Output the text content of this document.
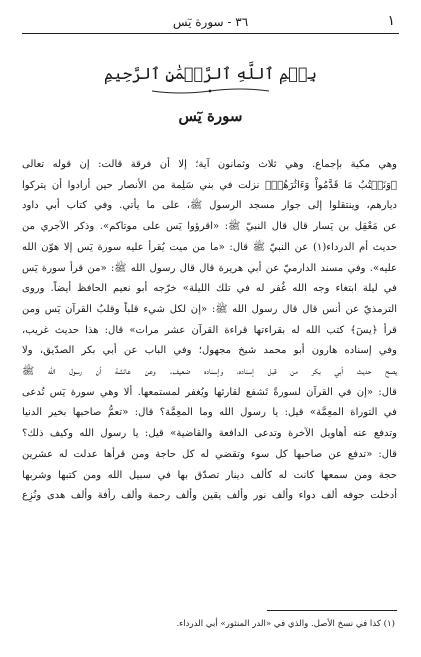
١
٣٦ - سورة يٓس
بِسۡمِ ٱللَّهِ ٱلرَّحۡمَٰنِ ٱلرَّحِيمِ
سورة يٓس
وهي مكية بإجماع. وهي ثلاث وثمانون آية؛ إلا أن فرقة قالت: إن قوله تعالى
﴿وَنَكۡتُبُ مَا قَدَّمُواْ وَءَاثَٰرَهُمۡ﴾ نزلت في بني سَلِمة من الأنصار حين أرادوا أن يتركوا
ديارهم، وينتقلوا إلى جوار مسجد الرسول ﷺ، على ما يأتي. وفي كتاب أبي داود
عن مَعْقِل بن يَسار قال قال النبيّ ﷺ: «اقرؤوا يٓس على موتاكم». وذكر الآجري من
حديث أم الدرداء(١) عن النبيّ ﷺ قال: «ما من ميت يُقرأ عليه سورة يٓس إلا هوّن الله
عليه». وفي مسند الدارميّ عن أبي هريرة قال قال رسول الله ﷺ: «من قرأ سورة يٓس
في ليلة ابتغاء وجه الله غُفر له في تلك الليلة» خرّجه أبو نعيم الحافظ أيضاً. وروى
الترمذيّ عن أنس قال قال رسول الله ﷺ: «إن لكل شيء قلباً وقلبُ القرآن يٓس ومن
قرأ ﴿يسٓ﴾ كتب الله له بقراءتها قراءة القرآن عشر مرات» قال: هذا حديث غريب،
وفي إسناده هارون أبو محمد شيخ مجهول؛ وفي الباب عن أبي بكر الصدّيق، ولا
يصح حديث أبي بكر من قبل إسناده، وإسناده ضعيف. وعن عائشة أن رسول الله ﷺ
قال: «إن في القرآن لسورةً تَشفع لقارئها ويُغفر لمستمعها. ألا وهي سورة يٓس تُدعى
في التوراة المعِمَّة» قيل: يا رسول الله وما المعِمَّة؟ قال: «تعمُّ صاحبها بخير الدنيا
وتدفع عنه أهاويل الآخرة وتدعى الدافعة والقاضية» قيل: يا رسول الله وكيف ذلك؟
قال: «تدفع عن صاحبها كل سوء وتقضي له كل حاجة ومن قرأها عدلت له عشرين
حجة ومن سمعها كانت له كألف دينار تصدّق بها في سبيل الله ومن كتبها وشربها
أدخلت جوفه ألف دواء وألف نور وألف يقين وألف رحمة وألف رأفة وألف هدى ونُزِع
(١) كذا في نسخ الأصل. والذي في «الدر المنثور» أبي الدرداء.
